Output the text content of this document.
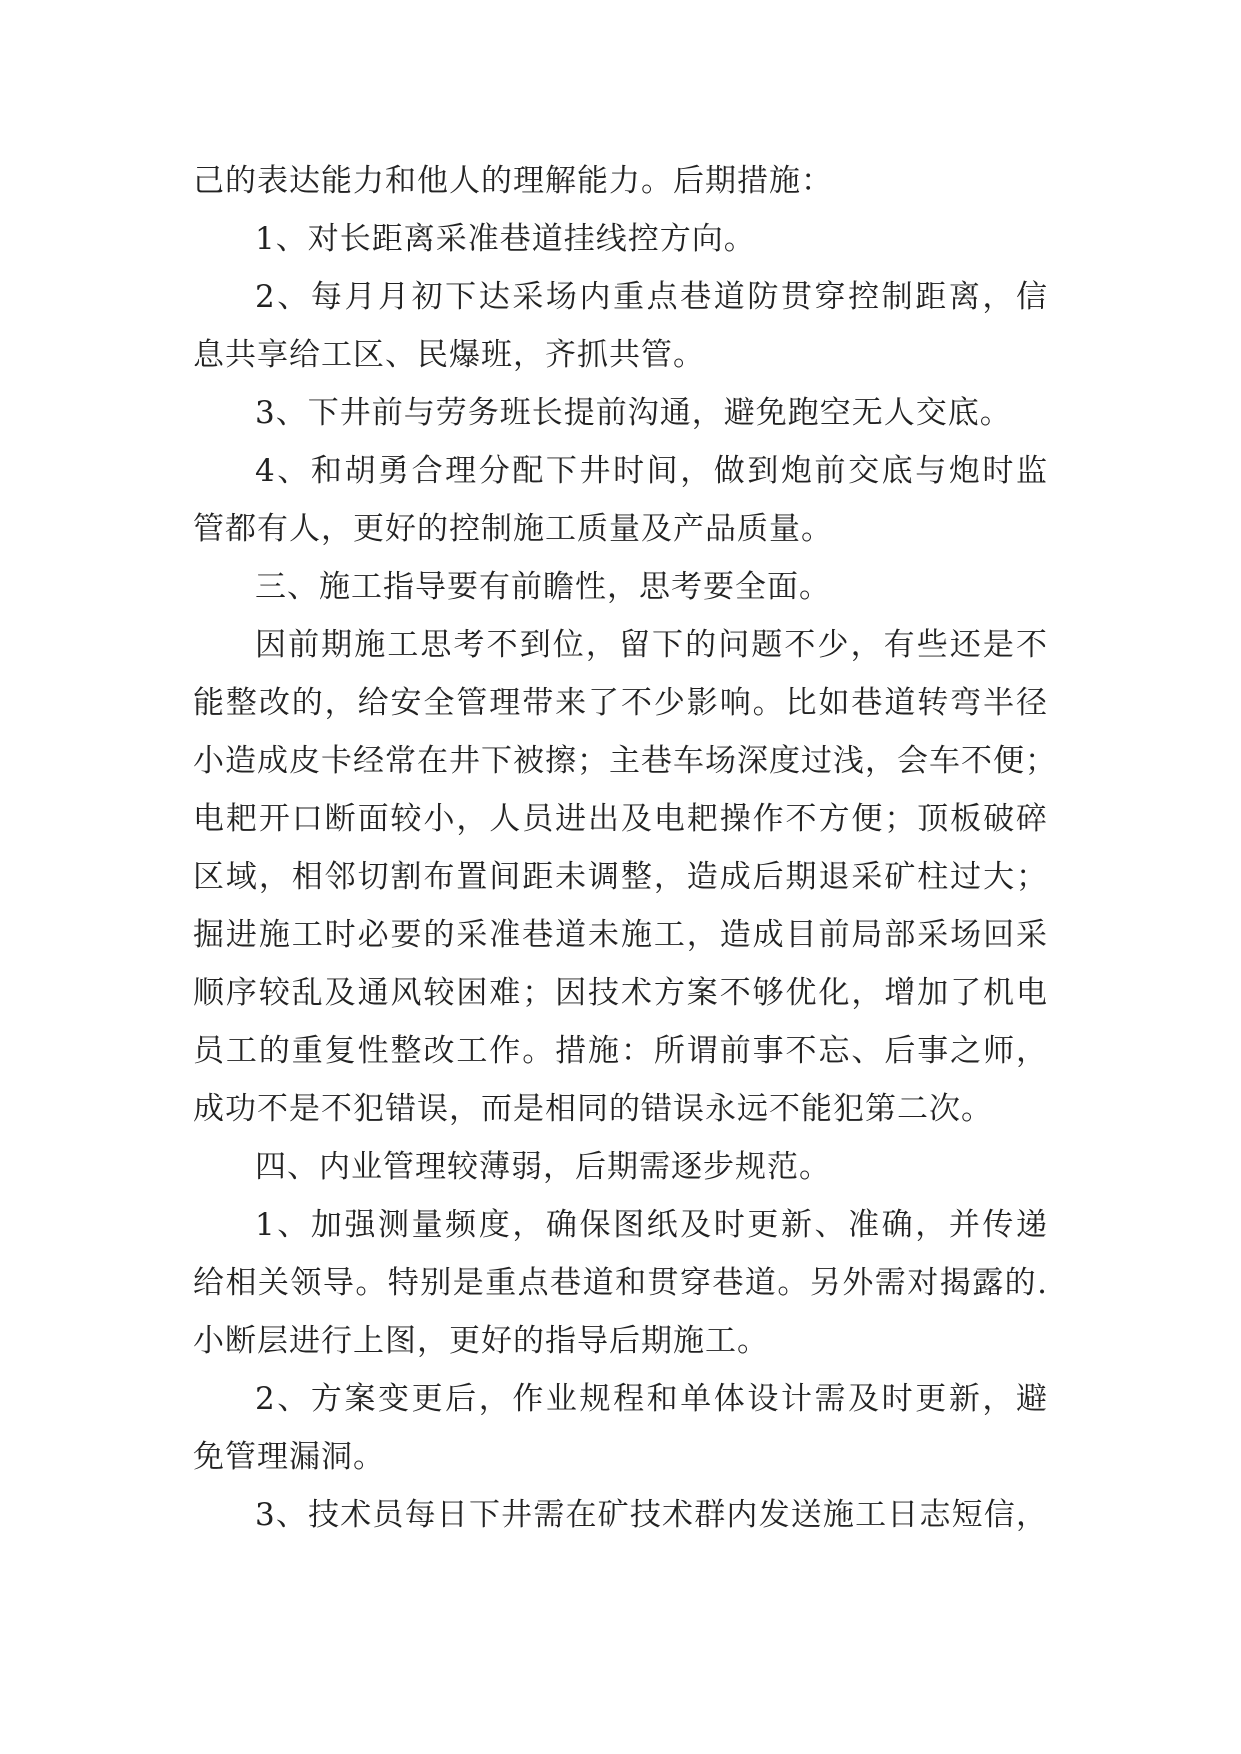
己的表达能力和他人的理解能力。后期措施：
1、对长距离采准巷道挂线控方向。
2、每月月初下达采场内重点巷道防贯穿控制距离，信
息共享给工区、民爆班，齐抓共管。
3、下井前与劳务班长提前沟通，避免跑空无人交底。
4、和胡勇合理分配下井时间，做到炮前交底与炮时监
管都有人，更好的控制施工质量及产品质量。
三、施工指导要有前瞻性，思考要全面。
因前期施工思考不到位，留下的问题不少，有些还是不
能整改的，给安全管理带来了不少影响。比如巷道转弯半径
小造成皮卡经常在井下被擦；主巷车场深度过浅，会车不便；
电耙开口断面较小，人员进出及电耙操作不方便；顶板破碎
区域，相邻切割布置间距未调整，造成后期退采矿柱过大；
掘进施工时必要的采准巷道未施工，造成目前局部采场回采
顺序较乱及通风较困难；因技术方案不够优化，增加了机电
员工的重复性整改工作。措施：所谓前事不忘、后事之师，
成功不是不犯错误，而是相同的错误永远不能犯第二次。
四、内业管理较薄弱，后期需逐步规范。
1、加强测量频度，确保图纸及时更新、准确，并传递
给相关领导。特别是重点巷道和贯穿巷道。另外需对揭露的.
小断层进行上图，更好的指导后期施工。
2、方案变更后，作业规程和单体设计需及时更新，避
免管理漏洞。
3、技术员每日下井需在矿技术群内发送施工日志短信，
